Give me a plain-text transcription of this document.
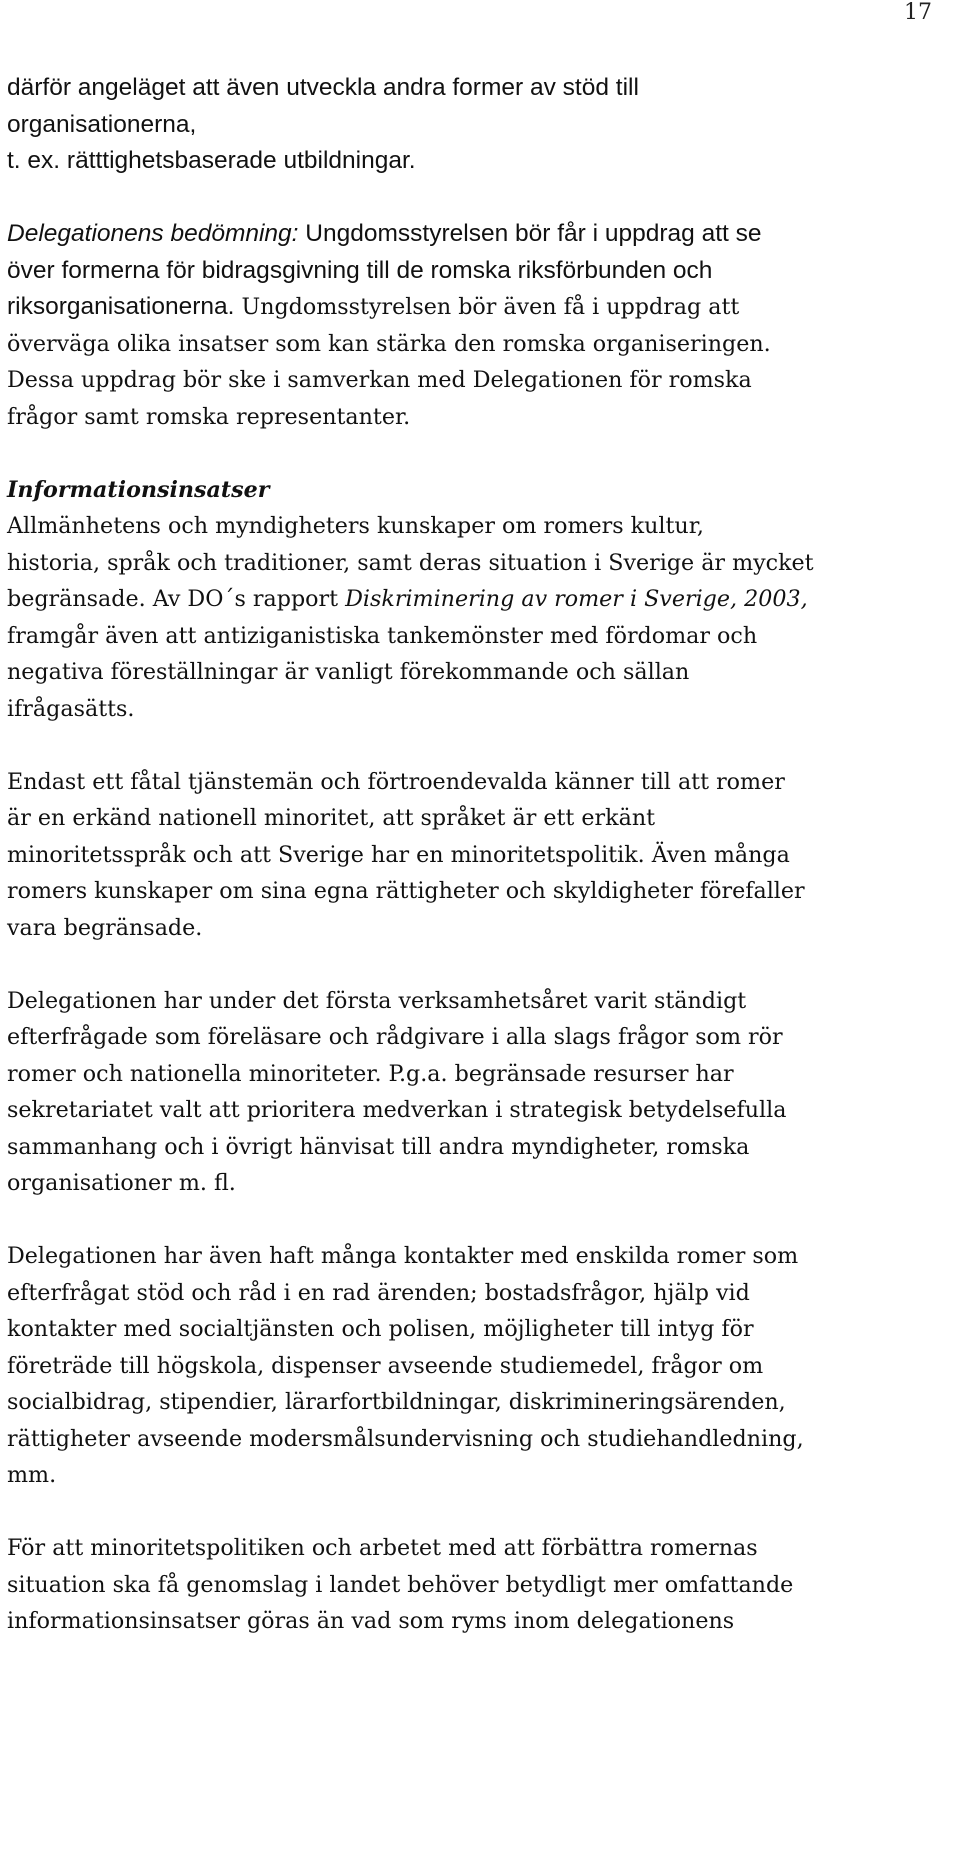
17
därför angeläget att även utveckla andra former av stöd till
organisationerna,
t. ex. rätttighetsbaserade utbildningar.
Delegationens bedömning: Ungdomsstyrelsen bör får i uppdrag att se
över formerna för bidragsgivning till de romska riksförbunden och
riksorganisationerna. Ungdomsstyrelsen bör även få i uppdrag att
överväga olika insatser som kan stärka den romska organiseringen.
Dessa uppdrag bör ske i samverkan med Delegationen för romska
frågor samt romska representanter.
Informationsinsatser
Allmänhetens och myndigheters kunskaper om romers kultur,
historia, språk och traditioner, samt deras situation i Sverige är mycket
begränsade. Av DO´s rapport Diskriminering av romer i Sverige, 2003,
framgår även att antiziganistiska tankemönster med fördomar och
negativa föreställningar är vanligt förekommande och sällan
ifrågasätts.
Endast ett fåtal tjänstemän och förtroendevalda känner till att romer
är en erkänd nationell minoritet, att språket är ett erkänt
minoritetsspråk och att Sverige har en minoritetspolitik. Även många
romers kunskaper om sina egna rättigheter och skyldigheter förefaller
vara begränsade.
Delegationen har under det första verksamhetsåret varit ständigt
efterfrågade som föreläsare och rådgivare i alla slags frågor som rör
romer och nationella minoriteter. P.g.a. begränsade resurser har
sekretariatet valt att prioritera medverkan i strategisk betydelsefulla
sammanhang och i övrigt hänvisat till andra myndigheter, romska
organisationer m. fl.
Delegationen har även haft många kontakter med enskilda romer som
efterfrågat stöd och råd i en rad ärenden; bostadsfrågor, hjälp vid
kontakter med socialtjänsten och polisen, möjligheter till intyg för
företräde till högskola, dispenser avseende studiemedel, frågor om
socialbidrag, stipendier, lärarfortbildningar, diskrimineringsärenden,
rättigheter avseende modersmålsundervisning och studiehandledning,
mm.
För att minoritetspolitiken och arbetet med att förbättra romernas
situation ska få genomslag i landet behöver betydligt mer omfattande
informationsinsatser göras än vad som ryms inom delegationens
